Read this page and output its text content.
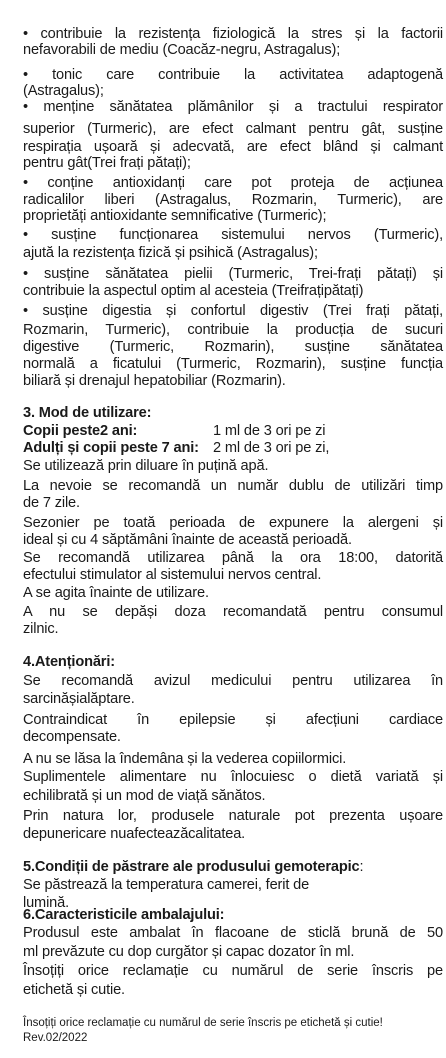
• contribuie la rezistența fiziologică la stres și la factorii
nefavorabili de mediu (Coacăz-negru, Astragalus);
• tonic care contribuie la activitatea adaptogenă
(Astragalus);
• menține sănătatea plămânilor și a tractului respirator
superior (Turmeric), are efect calmant pentru gât, susține
respirația ușoară și adecvată, are efect blând și calmant
pentru gât(Trei frați pătați);
• conține antioxidanți care pot proteja de acțiunea
radicalilor liberi (Astragalus, Rozmarin, Turmeric), are
proprietăți antioxidante semnificative (Turmeric);
• susține funcționarea sistemului nervos (Turmeric),
ajută la rezistența fizică și psihică (Astragalus);
• susține sănătatea pielii (Turmeric, Trei-frați pătați) și
contribuie la aspectul optim al acesteia (Treifrațipătați)
• susține digestia și confortul digestiv (Trei frați pătați,
Rozmarin, Turmeric), contribuie la producția de sucuri
digestive (Turmeric, Rozmarin), susține sănătatea
normală a ficatului (Turmeric, Rozmarin), susține funcția
biliară și drenajul hepatobiliar (Rozmarin).
3. Mod de utilizare:
Copii peste2 ani:	1 ml de 3 ori pe zi
Adulți și copii peste 7 ani: 2 ml de 3 ori pe zi,
Se utilizează prin diluare în puțină apă.
La nevoie se recomandă un număr dublu de utilizări timp
de 7 zile.
Sezonier pe toată perioada de expunere la alergeni și
ideal și cu 4 săptămâni înainte de această perioadă.
Se recomandă utilizarea până la ora 18:00, datorită
efectului stimulator al sistemului nervos central.
A se agita înainte de utilizare.
A nu se depăși doza recomandată pentru consumul
zilnic.
4.Atenționări:
Se recomandă avizul medicului pentru utilizarea în
sarcinășialăptare.
Contraindicat în epilepsie și afecțiuni cardiace
decompensate.
A nu se lăsa la îndemâna și la vederea copiilormici.
Suplimentele alimentare nu înlocuiesc o dietă variată și
echilibrată și un mod de viață sănătos.
Prin natura lor, produsele naturale pot prezenta ușoare
depunericare nuafecteazăcalitatea.
5.Condiții de păstrare ale produsului gemoterapic:
Se păstrează la temperatura camerei, ferit de
lumină.
6.Caracteristicile ambalajului:
Produsul este ambalat în flacoane de sticlă brună de 50
ml prevăzute cu dop curgător și capac dozator în ml.
Însoțiți orice reclamație cu numărul de serie înscris pe
etichetă și cutie.
Însoțiți orice reclamație cu numărul de serie înscris pe etichetă și cutie!
Rev.02/2022
